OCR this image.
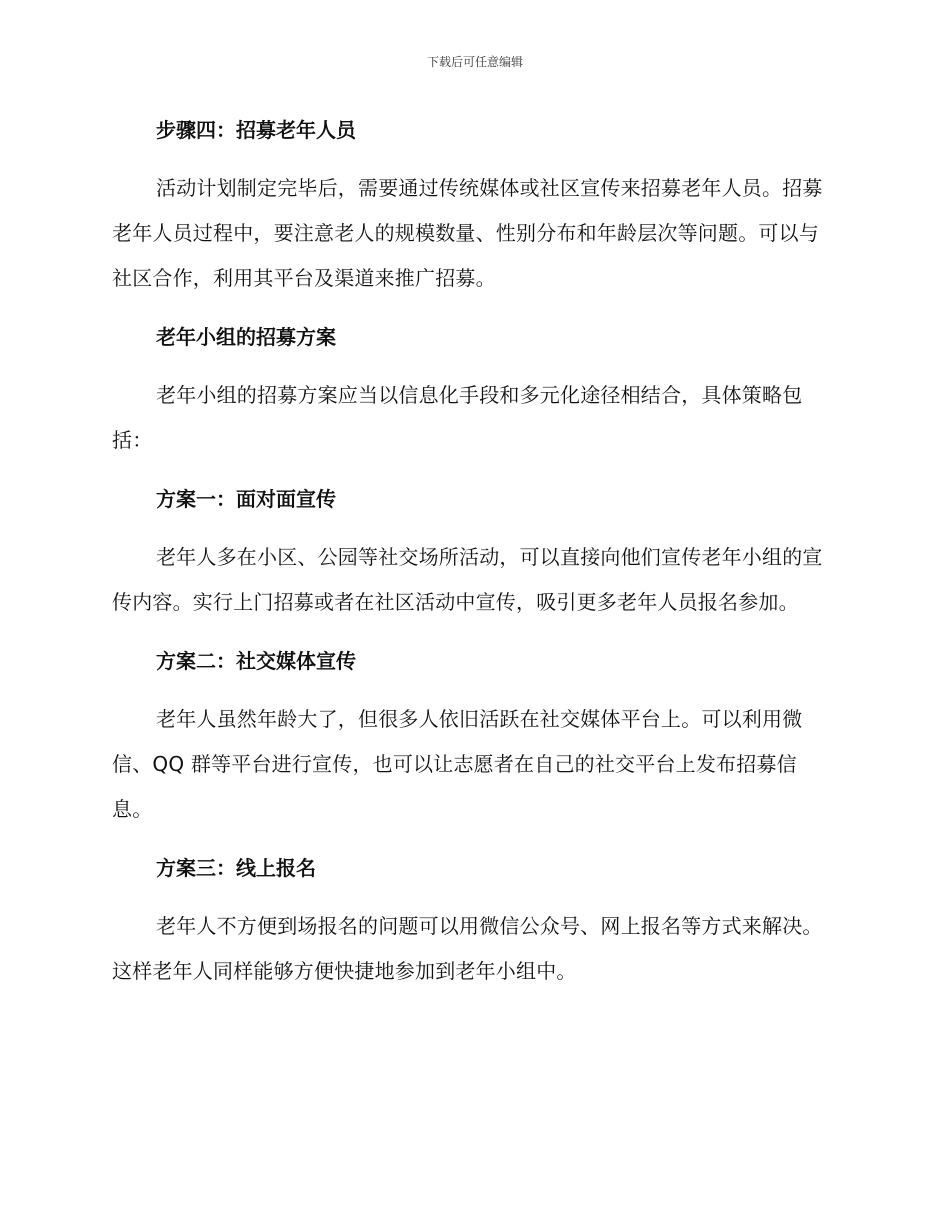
下载后可任意编辑
步骤四：招募老年人员

活动计划制定完毕后，需要通过传统媒体或社区宣传来招募老年人员。招募老年人员过程中，要注意老人的规模数量、性别分布和年龄层次等问题。可以与社区合作，利用其平台及渠道来推广招募。

老年小组的招募方案

老年小组的招募方案应当以信息化手段和多元化途径相结合，具体策略包括：

方案一：面对面宣传

老年人多在小区、公园等社交场所活动，可以直接向他们宣传老年小组的宣传内容。实行上门招募或者在社区活动中宣传，吸引更多老年人员报名参加。

方案二：社交媒体宣传

老年人虽然年龄大了，但很多人依旧活跃在社交媒体平台上。可以利用微信、QQ 群等平台进行宣传，也可以让志愿者在自己的社交平台上发布招募信息。

方案三：线上报名

老年人不方便到场报名的问题可以用微信公众号、网上报名等方式来解决。这样老年人同样能够方便快捷地参加到老年小组中。
